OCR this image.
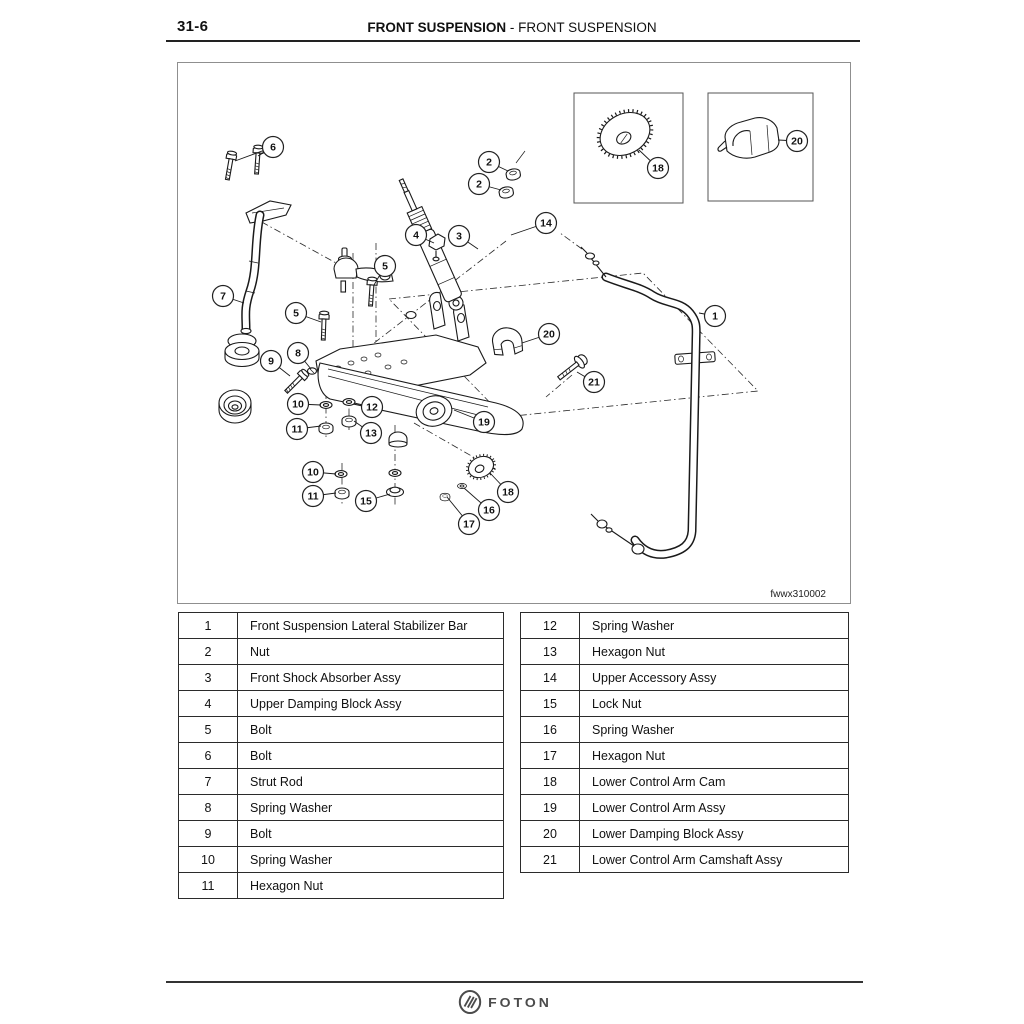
31-6	FRONT SUSPENSION - FRONT SUSPENSION
fwwx310002
6
2
2
14
4	3
5
7
5
20
1
8
9
21
10	12
11	13
19
10
11	15
18
16
17
18
20
1	Front Suspension Lateral Stabilizer Bar
2	Nut
3	Front Shock Absorber Assy
4	Upper Damping Block Assy
5	Bolt
6	Bolt
7	Strut Rod
8	Spring Washer
9	Bolt
10	Spring Washer
11	Hexagon Nut
12	Spring Washer
13	Hexagon Nut
14	Upper Accessory Assy
15	Lock Nut
16	Spring Washer
17	Hexagon Nut
18	Lower Control Arm Cam
19	Lower Control Arm Assy
20	Lower Damping Block Assy
21	Lower Control Arm Camshaft Assy
FOTON
